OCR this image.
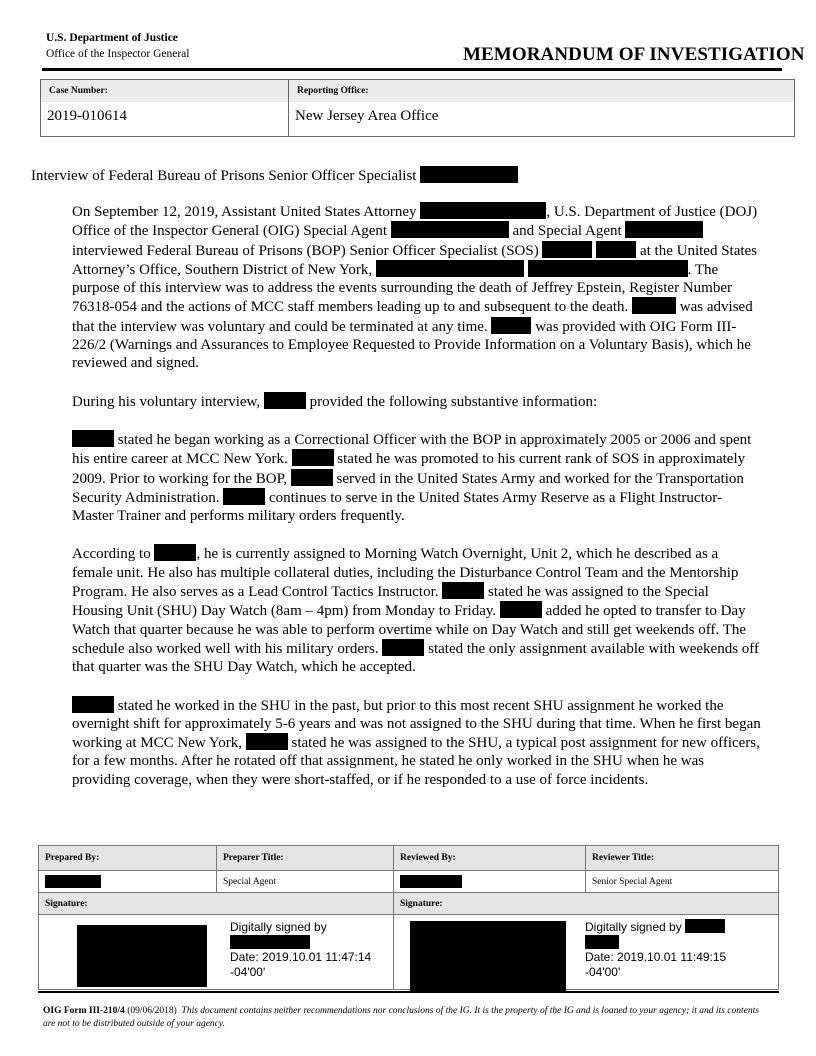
U.S. Department of Justice
Office of the Inspector General	MEMORANDUM OF INVESTIGATION
Case Number:
2019-010614

Reporting Office:
New Jersey Area Office
Interview of Federal Bureau of Prisons Senior Officer Specialist

On September 12, 2019, Assistant United States Attorney	, U.S. Department of Justice (DOJ) Office of the Inspector General (OIG) Special Agent	and Special Agent  interviewed Federal Bureau of Prisons (BOP) Senior Officer Specialist (SOS)	at the United States Attorney’s Office, Southern District of New York,	. The purpose of this interview was to address the events surrounding the death of Jeffrey Epstein, Register Number 76318-054 and the actions of MCC staff members leading up to and subsequent to the death.	was advised that the interview was voluntary and could be terminated at any time.	was provided with OIG Form III-226/2 (Warnings and Assurances to Employee Requested to Provide Information on a Voluntary Basis), which he reviewed and signed.

During his voluntary interview,	provided the following substantive information:

stated he began working as a Correctional Officer with the BOP in approximately 2005 or 2006 and spent his entire career at MCC New York.	stated he was promoted to his current rank of SOS in approximately 2009. Prior to working for the BOP,	served in the United States Army and worked for the Transportation Security Administration.	continues to serve in the United States Army Reserve as a Flight Instructor- Master Trainer and performs military orders frequently.

According to	, he is currently assigned to Morning Watch Overnight, Unit 2, which he described as a female unit. He also has multiple collateral duties, including the Disturbance Control Team and the Mentorship Program. He also serves as a Lead Control Tactics Instructor.	stated he was assigned to the Special Housing Unit (SHU) Day Watch (8am – 4pm) from Monday to Friday.	added he opted to transfer to Day Watch that quarter because he was able to perform overtime while on Day Watch and still get weekends off. The schedule also worked well with his military orders.	stated the only assignment available with weekends off that quarter was the SHU Day Watch, which he accepted.

stated he worked in the SHU in the past, but prior to this most recent SHU assignment he worked the overnight shift for approximately 5-6 years and was not assigned to the SHU during that time. When he first began working at MCC New York,	stated he was assigned to the SHU, a typical post assignment for new officers, for a few months. After he rotated off that assignment, he stated he only worked in the SHU when he was providing coverage, when they were short-staffed, or if he responded to a use of force incidents.

Prepared By:	Preparer Title:	Reviewed By:	Reviewer Title:
	Special Agent		Senior Special Agent
Signature:		Signature:	

Digitally signed by

Date: 2019.10.01 11:47:14
-04'00'		Digitally signed by

Date: 2019.10.01 11:49:15
-04'00'	
OIG Form III-210/4 (09/06/2018) This document contains neither recommendations nor conclusions of the IG. It is the property of the IG and is loaned to your agency; it and its contents are not to be distributed outside of your agency.
